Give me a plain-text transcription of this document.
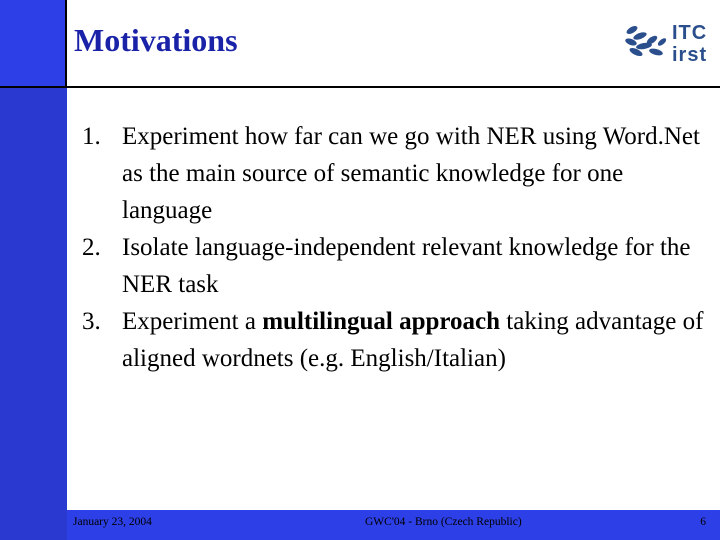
Motivations	ITC
irst
1. Experiment how far can we go with NER using Word.Net as the main source of semantic knowledge for one language
2. Isolate language-independent relevant knowledge for the NER task
3. Experiment a multilingual approach taking advantage of aligned wordnets (e.g. English/Italian)
January 23, 2004	GWC'04 - Brno (Czech Republic)	6
